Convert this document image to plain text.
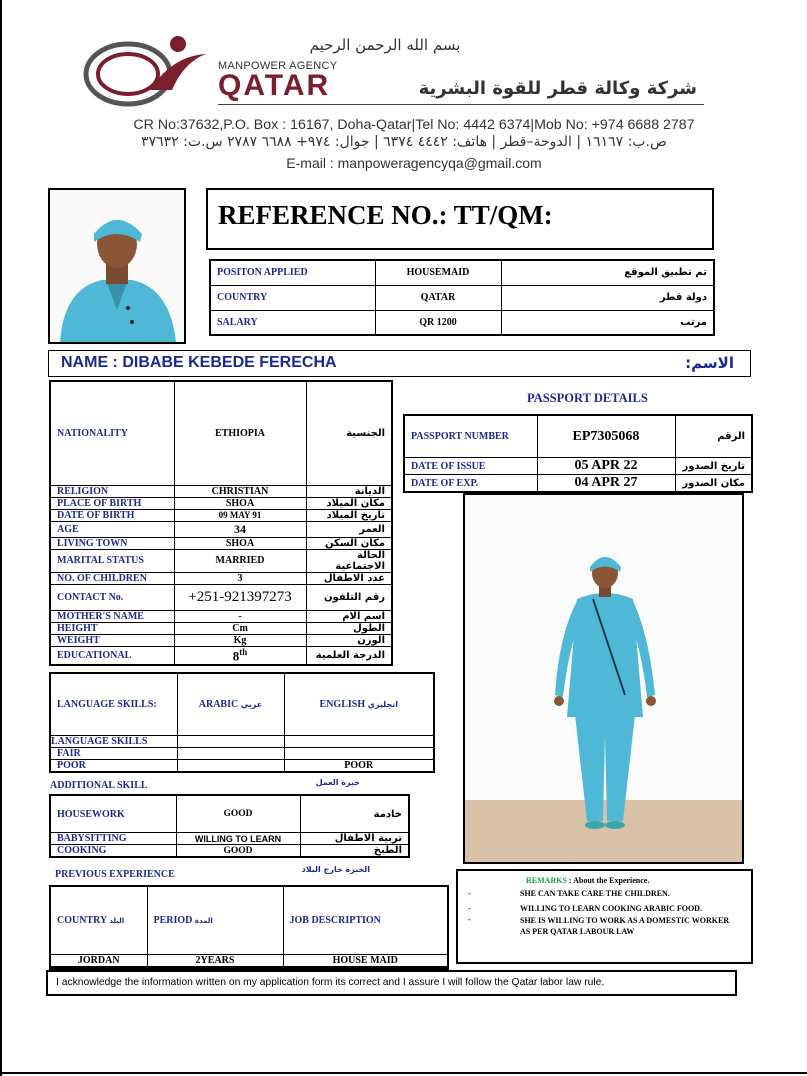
بسم الله الرحمن الرحيم
MANPOWER AGENCY
QATAR	شركة وكالة قطر للقوة البشرية
CR No:37632,P.O. Box : 16167, Doha-Qatar|Tel No: 4442 6374|Mob No: +974 6688 2787
ص.ب: ١٦١٦٧ | الدوحة–قطر | هاتف: ٤٤٤٢ ٦٣٧٤ | جوال: ٩٧٤+ ٦٦٨٨ ٢٧٨٧ س.ت: ٣٧٦٣٢
E-mail : manpoweragencyqa@gmail.com
REFERENCE NO.: TT/QM:
POSITON APPLIED	HOUSEMAID	تم تطبيق الموقع
COUNTRY	QATAR	دولة قطر
SALARY	QR 1200	مرتب
NAME : DIBABE KEBEDE FERECHA	الاسم:
NATIONALITY	ETHIOPIA	الجنسية
RELIGION	CHRISTIAN	الديانة
PLACE OF BIRTH	SHOA	مكان الميلاد
DATE OF BIRTH	09 MAY 91	تاريخ الميلاد
AGE	34	العمر
LIVING TOWN	SHOA	مكان السكن
MARITAL STATUS	MARRIED	الحالة الاجتماعية
NO. OF CHILDREN	3	عدد الاطفال
CONTACT No.	+251-921397273	رقم التلفون
MOTHER'S NAME	-	اسم الام
HEIGHT	Cm	الطول
WEIGHT	Kg	الوزن
EDUCATIONAL	8th	الدرجة العلمية
PASSPORT DETAILS
PASSPORT NUMBER	EP7305068	الرقم
DATE OF ISSUE	05 APR 22	تاريخ الصدور
DATE OF EXP.	04 APR 27	مكان الصدور
LANGUAGE SKILLS:	ARABIC عربي	ENGLISH انجليزي
LANGUAGE SKILLS		
FAIR		
POOR		POOR
ADDITIONAL SKILL	خبرة العمل
HOUSEWORK	GOOD	خادمة
BABYSITTING	WILLING TO LEARN	تربية الاطفال
COOKING	GOOD	الطبخ
PREVIOUS EXPERIENCE	الخبرة خارج البلاد
COUNTRY البلد	PERIOD المدة	JOB DESCRIPTION
JORDAN	2YEARS	HOUSE MAID

REMARKS : About the Experience.
-	SHE CAN TAKE CARE THE CHILDREN.
-	WILLING TO LEARN COOKING ARABIC FOOD.
-	SHE IS WILLING TO WORK AS A DOMESTIC WORKER AS PER QATAR LABOUR LAW
I acknowledge the information written on my application form its correct and I assure I will follow the Qatar labor law rule.
